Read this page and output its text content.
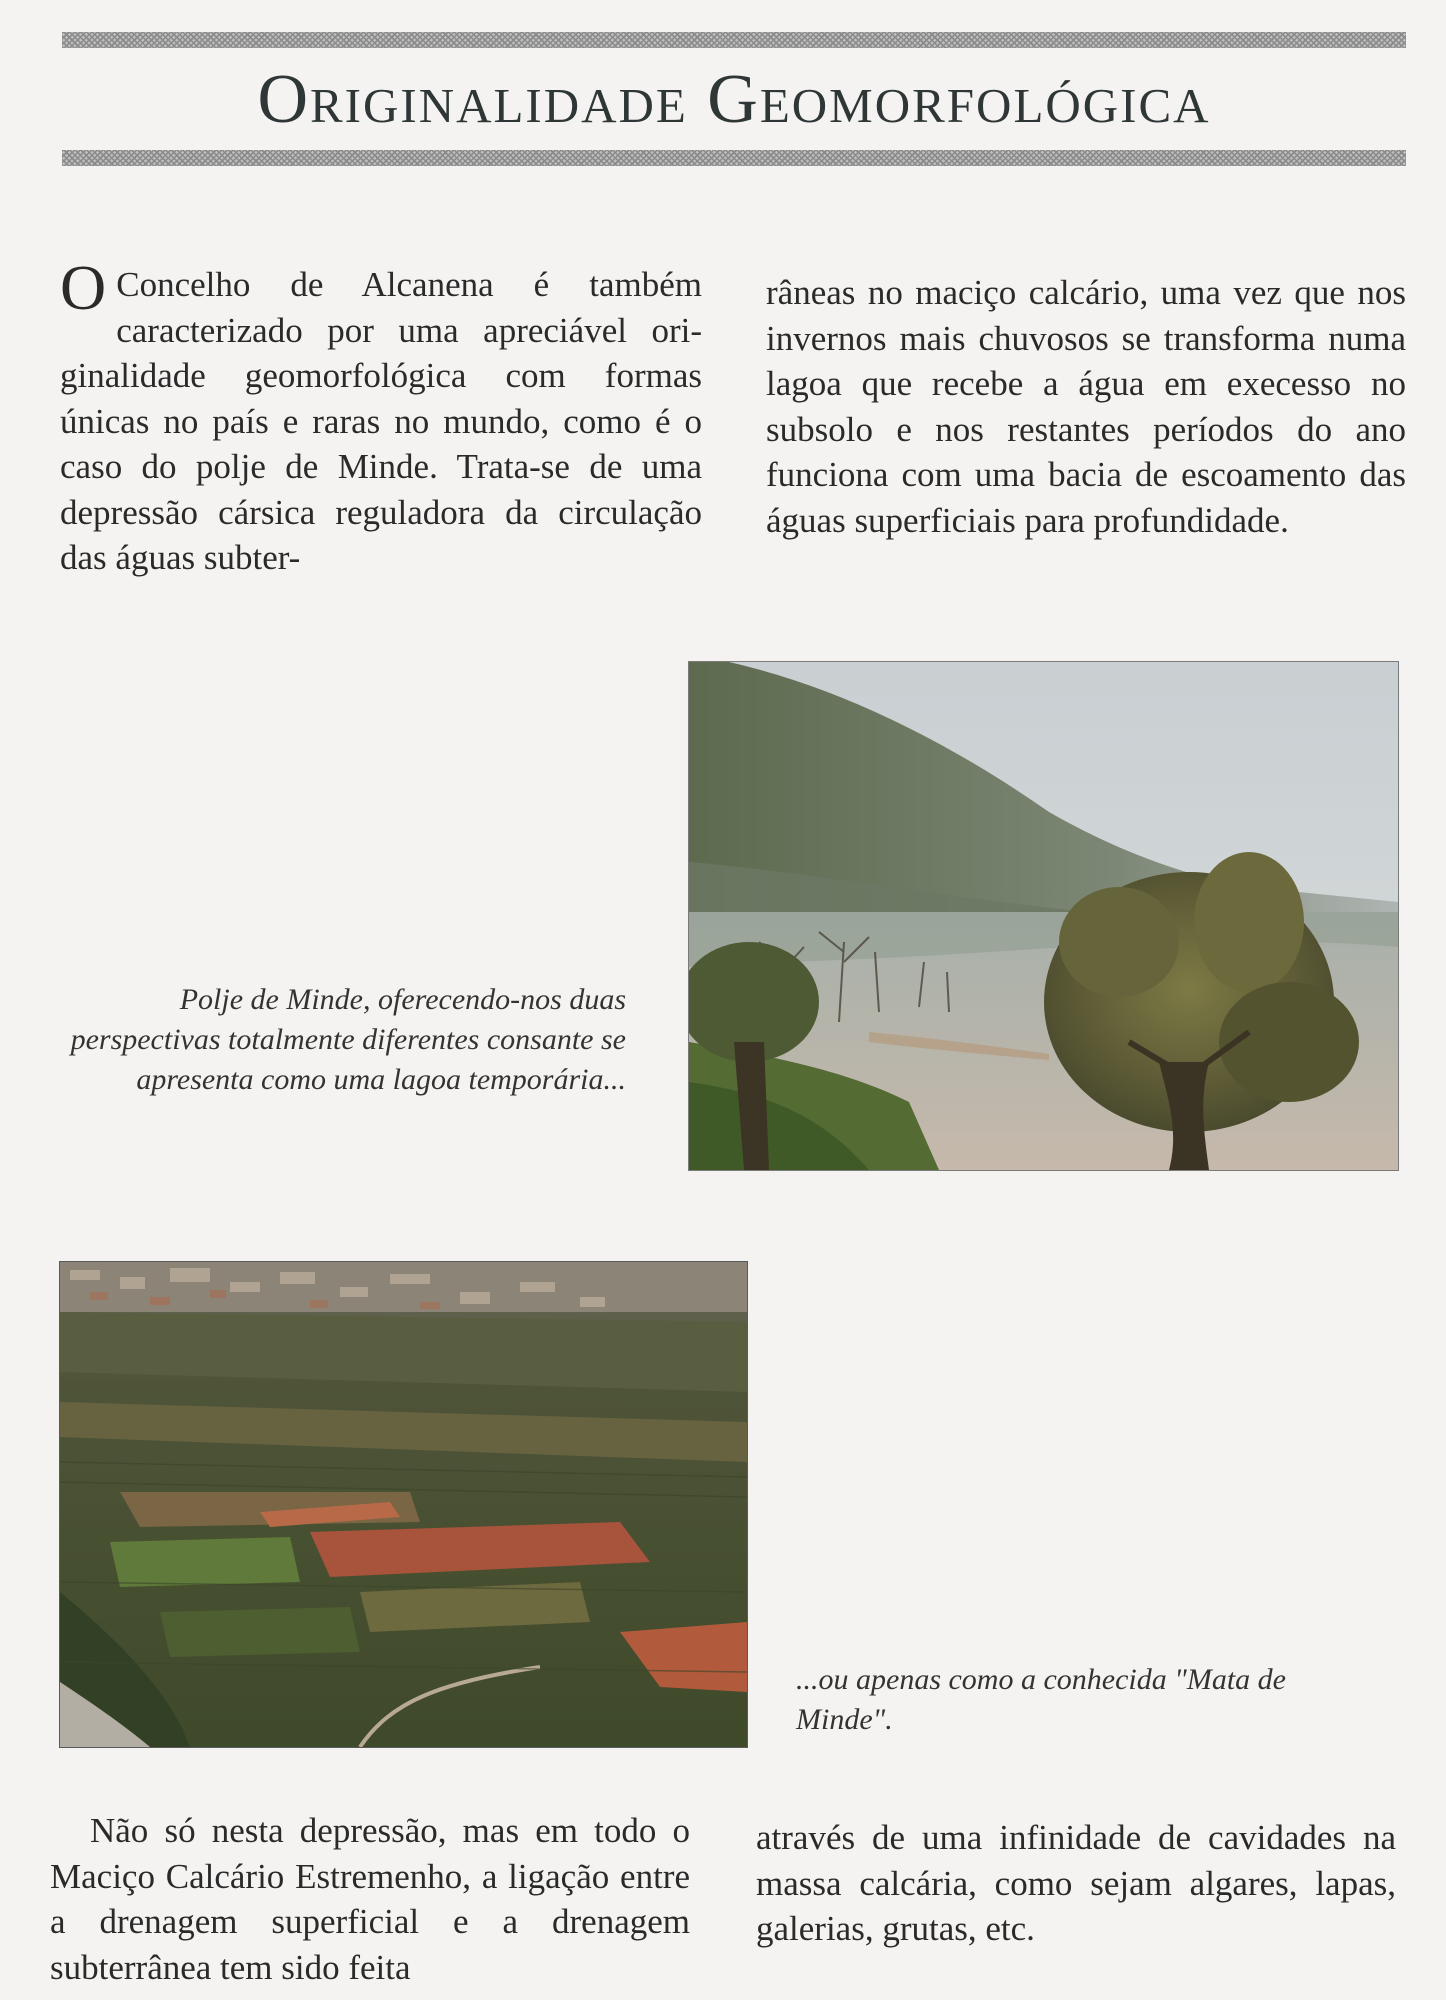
Originalidade Geomorfológica

O Concelho de Alcanena é também caracterizado por uma apreciável originalidade geomorfológica com formas únicas no país e raras no mundo, como é o caso do polje de Minde. Trata-se de uma depressão cársica reguladora da circulação das águas subter-

râneas no maciço calcário, uma vez que nos invernos mais chuvosos se transforma numa lagoa que recebe a água em execesso no subsolo e nos restantes períodos do ano funciona com uma bacia de escoamento das águas superficiais para profundidade.

Polje de Minde, oferecendo-nos duas perspectivas totalmente diferentes consante se apresenta como uma lagoa temporária...

...ou apenas como a conhecida "Mata de Minde".

Não só nesta depressão, mas em todo o Maciço Calcário Estremenho, a ligação entre a drenagem superficial e a drenagem subterrânea tem sido feita

através de uma infinidade de cavidades na massa calcária, como sejam algares, lapas, galerias, grutas, etc.
